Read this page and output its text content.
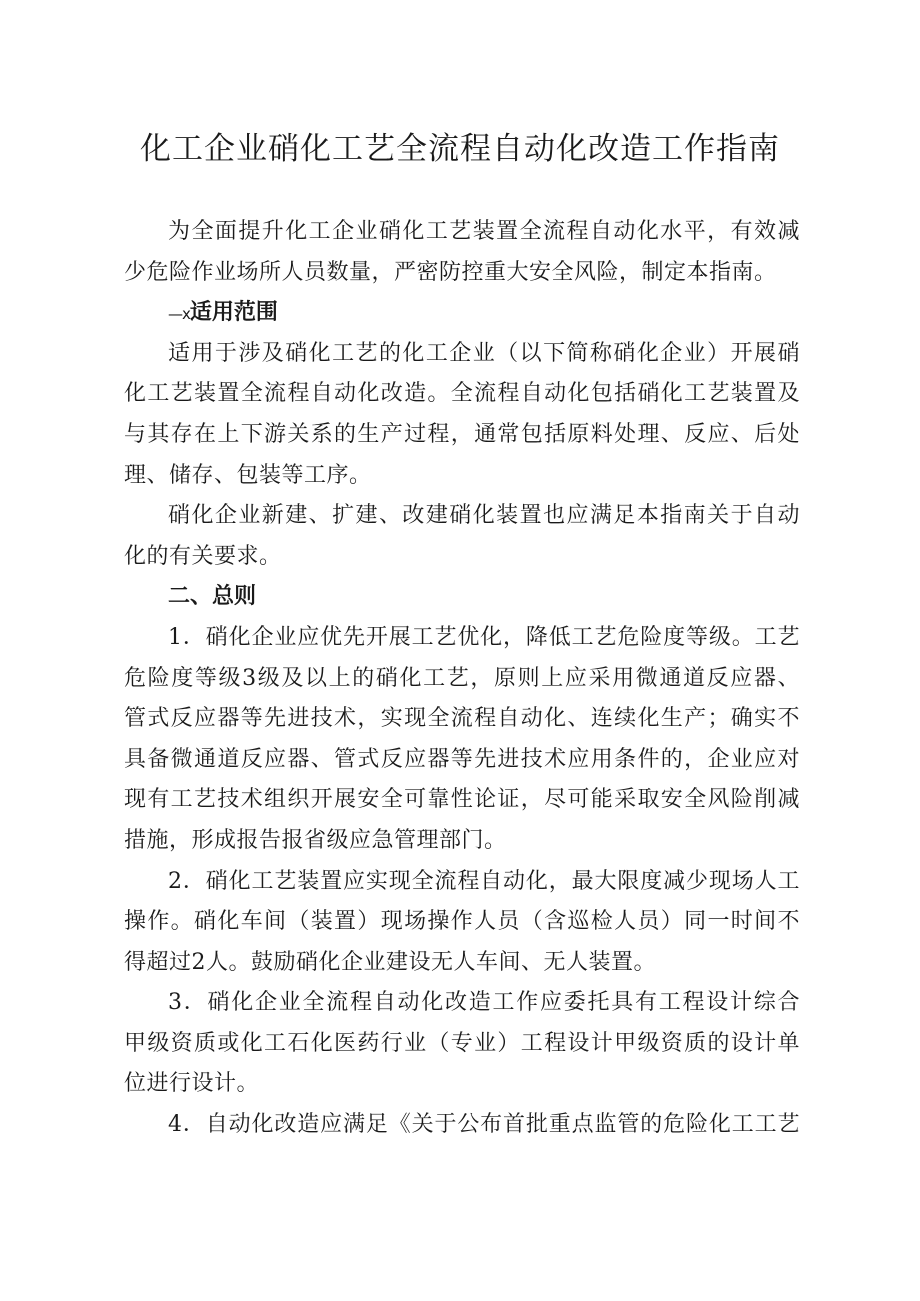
化工企业硝化工艺全流程自动化改造工作指南

为全面提升化工企业硝化工艺装置全流程自动化水平，有效减
少危险作业场所人员数量，严密防控重大安全风险，制定本指南。

—x适用范围

适用于涉及硝化工艺的化工企业（以下简称硝化企业）开展硝
化工艺装置全流程自动化改造。全流程自动化包括硝化工艺装置及
与其存在上下游关系的生产过程，通常包括原料处理、反应、后处
理、储存、包装等工序。

硝化企业新建、扩建、改建硝化装置也应满足本指南关于自动
化的有关要求。

二、总则

1．硝化企业应优先开展工艺优化，降低工艺危险度等级。工艺
危险度等级3级及以上的硝化工艺，原则上应采用微通道反应器、
管式反应器等先进技术，实现全流程自动化、连续化生产；确实不
具备微通道反应器、管式反应器等先进技术应用条件的，企业应对
现有工艺技术组织开展安全可靠性论证，尽可能采取安全风险削减
措施，形成报告报省级应急管理部门。

2．硝化工艺装置应实现全流程自动化，最大限度减少现场人工
操作。硝化车间（装置）现场操作人员（含巡检人员）同一时间不
得超过2人。鼓励硝化企业建设无人车间、无人装置。

3．硝化企业全流程自动化改造工作应委托具有工程设计综合
甲级资质或化工石化医药行业（专业）工程设计甲级资质的设计单
位进行设计。

4．自动化改造应满足《关于公布首批重点监管的危险化工工艺
